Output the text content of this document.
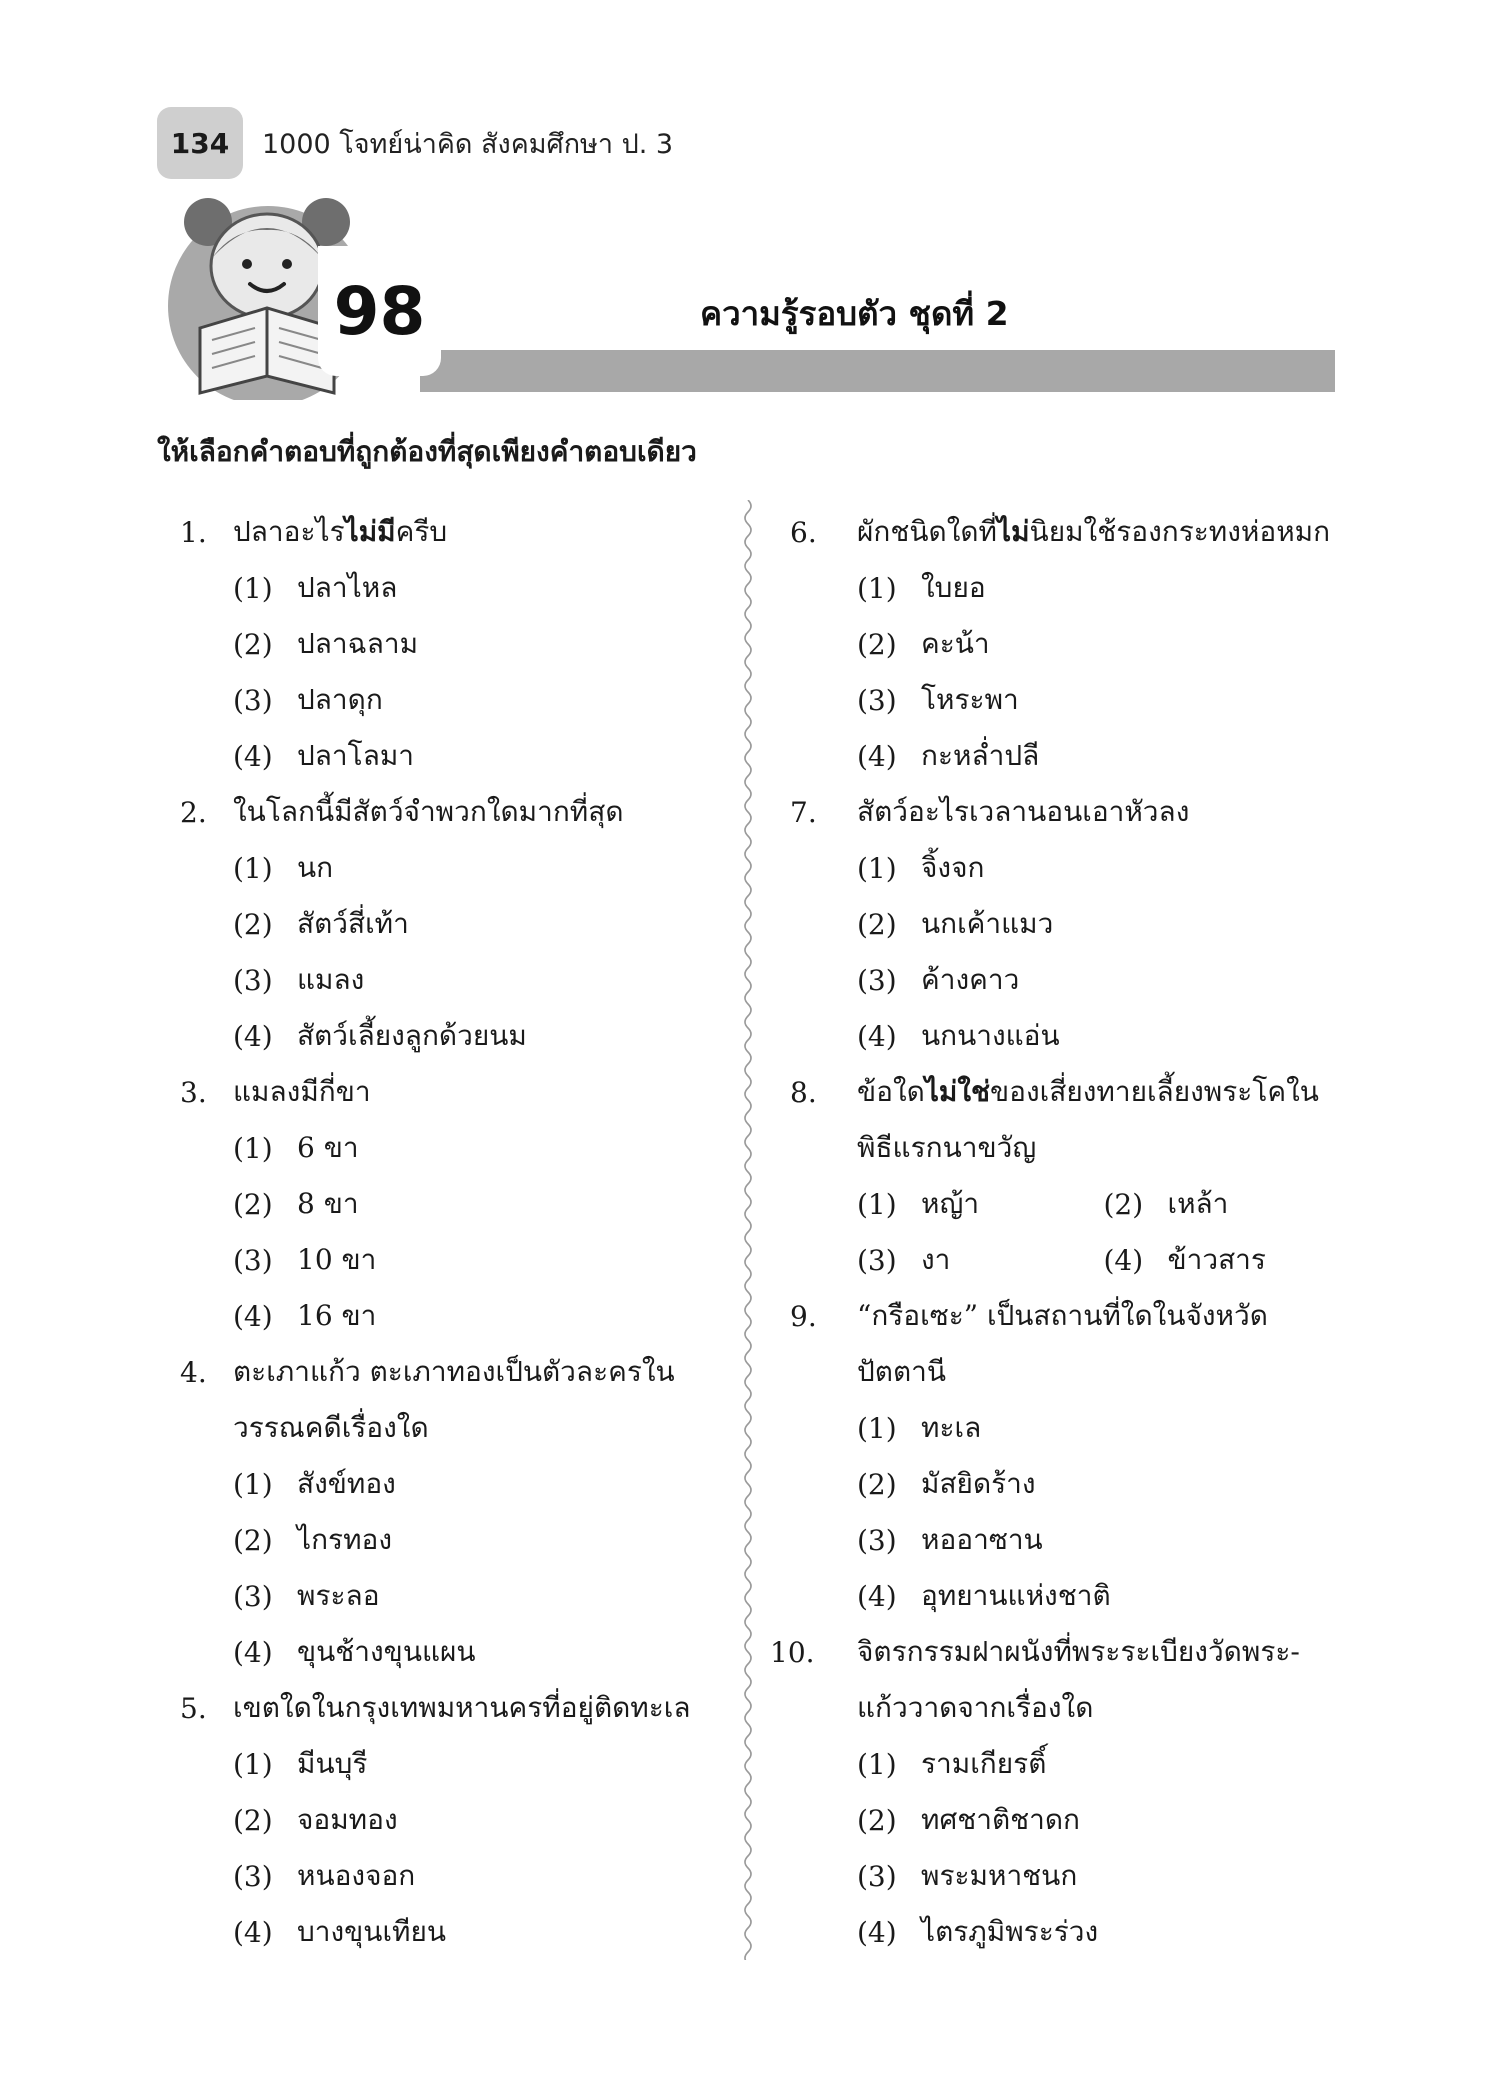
134 1000 โจทย์น่าคิด สังคมศึกษา ป. 3
98	ความรู้รอบตัว ชุดที่ 2
ให้เลือกคำตอบที่ถูกต้องที่สุดเพียงคำตอบเดียว
1. ปลาอะไรไม่มีครีบ
(1) ปลาไหล
(2) ปลาฉลาม
(3) ปลาดุก
(4) ปลาโลมา
2. ในโลกนี้มีสัตว์จำพวกใดมากที่สุด
(1) นก
(2) สัตว์สี่เท้า
(3) แมลง
(4) สัตว์เลี้ยงลูกด้วยนม
3. แมลงมีกี่ขา
(1) 6 ขา
(2) 8 ขา
(3) 10 ขา
(4) 16 ขา
4. ตะเภาแก้ว ตะเภาทองเป็นตัวละครใน
วรรณคดีเรื่องใด
(1) สังข์ทอง
(2) ไกรทอง
(3) พระลอ
(4) ขุนช้างขุนแผน
5. เขตใดในกรุงเทพมหานครที่อยู่ติดทะเล
(1) มีนบุรี
(2) จอมทอง
(3) หนองจอก
(4) บางขุนเทียน
6.	ผักชนิดใดที่ไม่นิยมใช้รองกระทงห่อหมก
(1) ใบยอ
(2) คะน้า
(3) โหระพา
(4) กะหล่ำปลี
7.	สัตว์อะไรเวลานอนเอาหัวลง
(1) จิ้งจก
(2) นกเค้าแมว
(3) ค้างคาว
(4) นกนางแอ่น
8.	ข้อใดไม่ใช่ของเสี่ยงทายเลี้ยงพระโคใน
พิธีแรกนาขวัญ
(1) หญ้า	(2) เหล้า
(3) งา	(4) ข้าวสาร
9.	“กรือเซะ” เป็นสถานที่ใดในจังหวัด
ปัตตานี
(1) ทะเล
(2) มัสยิดร้าง
(3) หออาซาน
(4) อุทยานแห่งชาติ
10.	จิตรกรรมฝาผนังที่พระระเบียงวัดพระ-
แก้ววาดจากเรื่องใด
(1) รามเกียรติ์
(2) ทศชาติชาดก
(3) พระมหาชนก
(4) ไตรภูมิพระร่วง
